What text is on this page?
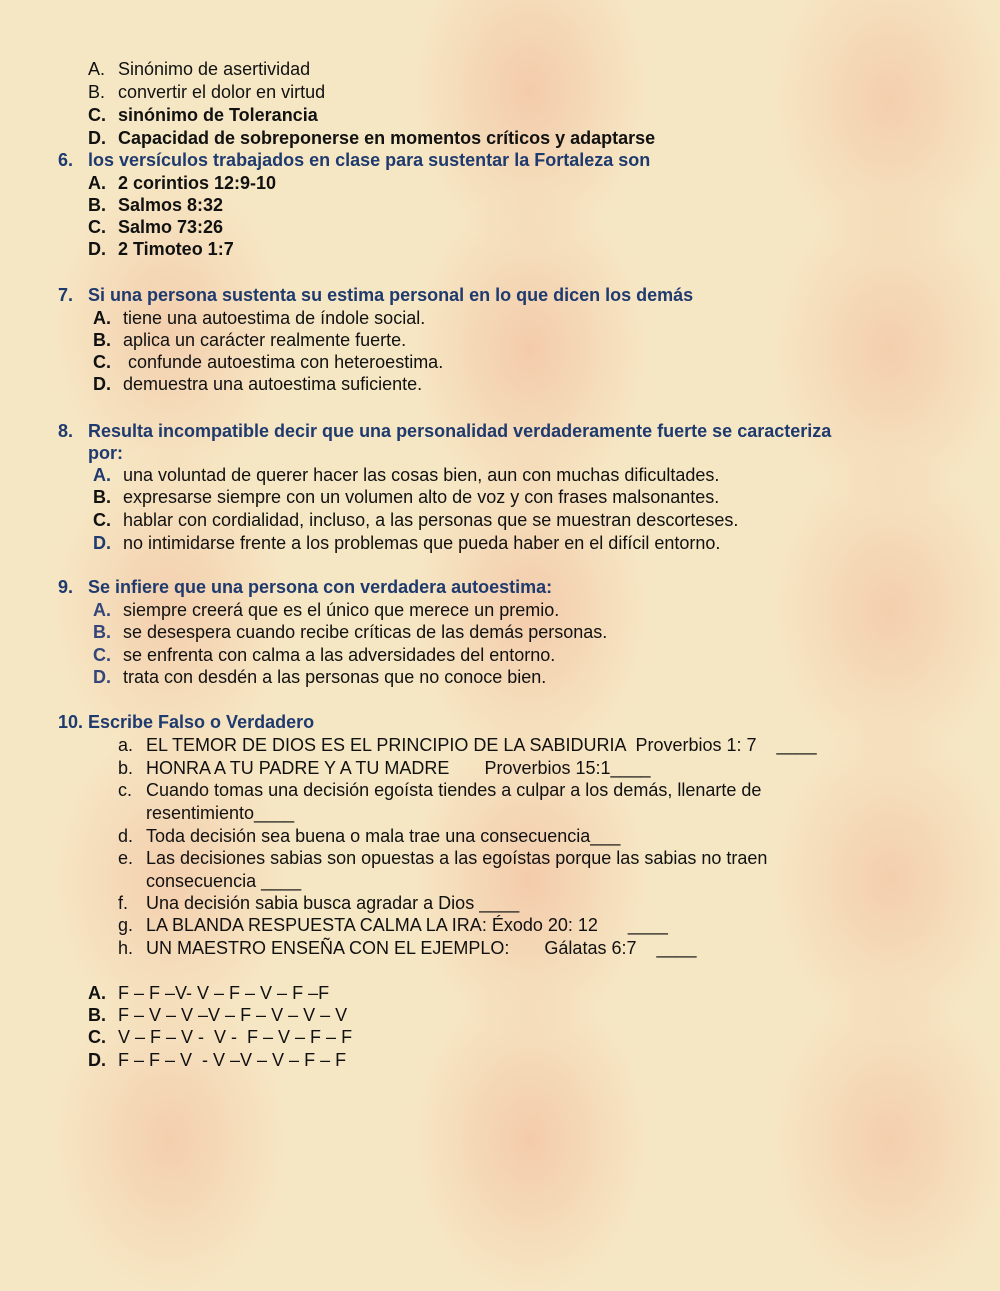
A. Sinónimo de asertividad
B. convertir el dolor en virtud
C. sinónimo de Tolerancia
D. Capacidad de sobreponerse en momentos críticos y adaptarse
6. los versículos trabajados en clase para sustentar la Fortaleza son
A. 2 corintios 12:9-10
B. Salmos 8:32
C. Salmo 73:26
D. 2 Timoteo 1:7
7. Si una persona sustenta su estima personal en lo que dicen los demás
A. tiene una autoestima de índole social.
B. aplica un carácter realmente fuerte.
C. confunde autoestima con heteroestima.
D. demuestra una autoestima suficiente.
8. Resulta incompatible decir que una personalidad verdaderamente fuerte se caracteriza
por:
A. una voluntad de querer hacer las cosas bien, aun con muchas dificultades.
B. expresarse siempre con un volumen alto de voz y con frases malsonantes.
C. hablar con cordialidad, incluso, a las personas que se muestran descorteses.
D. no intimidarse frente a los problemas que pueda haber en el difícil entorno.
9. Se infiere que una persona con verdadera autoestima:
A. siempre creerá que es el único que merece un premio.
B. se desespera cuando recibe críticas de las demás personas.
C. se enfrenta con calma a las adversidades del entorno.
D. trata con desdén a las personas que no conoce bien.
10. Escribe Falso o Verdadero
a. EL TEMOR DE DIOS ES EL PRINCIPIO DE LA SABIDURIA  Proverbios 1: 7    ____
b. HONRA A TU PADRE Y A TU MADRE       Proverbios 15:1____
c. Cuando tomas una decisión egoísta tiendes a culpar a los demás, llenarte de
resentimiento____
d. Toda decisión sea buena o mala trae una consecuencia___
e. Las decisiones sabias son opuestas a las egoístas porque las sabias no traen
consecuencia ____
f. Una decisión sabia busca agradar a Dios ____
g. LA BLANDA RESPUESTA CALMA LA IRA: Éxodo 20: 12      ____
h. UN MAESTRO ENSEÑA CON EL EJEMPLO:       Gálatas 6:7    ____
A. F – F –V- V – F – V – F –F
B. F – V – V –V – F – V – V – V
C. V – F – V -  V -  F – V – F – F
D. F – F – V  - V –V – V – F – F
